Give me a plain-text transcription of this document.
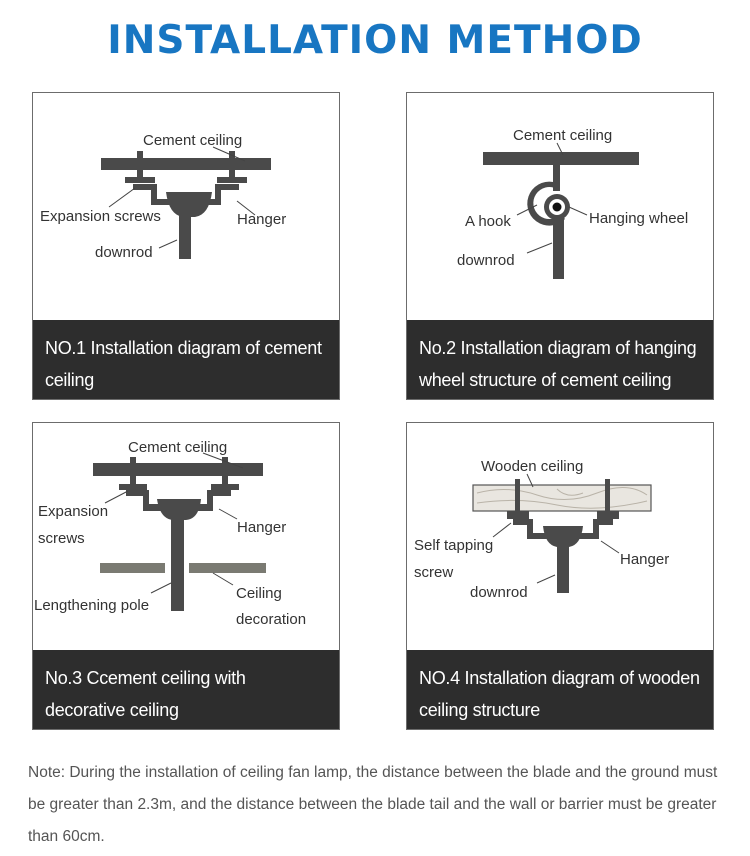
INSTALLATION METHOD
Cement ceiling
Expansion screws	Hanger
downrod
NO.1 Installation diagram of cement ceiling
Cement ceiling
A hook	Hanging wheel
downrod
No.2 Installation diagram of hanging wheel structure of cement ceiling
Cement ceiling
Expansion
screws
Hanger
Lengthening pole
Ceiling
decoration
No.3 Ccement ceiling with decorative ceiling
Wooden ceiling
Self tapping
screw
Hanger
downrod
NO.4 Installation diagram of wooden ceiling structure
Note: During the installation of ceiling fan lamp, the distance between the blade and the ground must be greater than 2.3m, and the distance between the blade tail and the wall or barrier must be greater than 60cm.
